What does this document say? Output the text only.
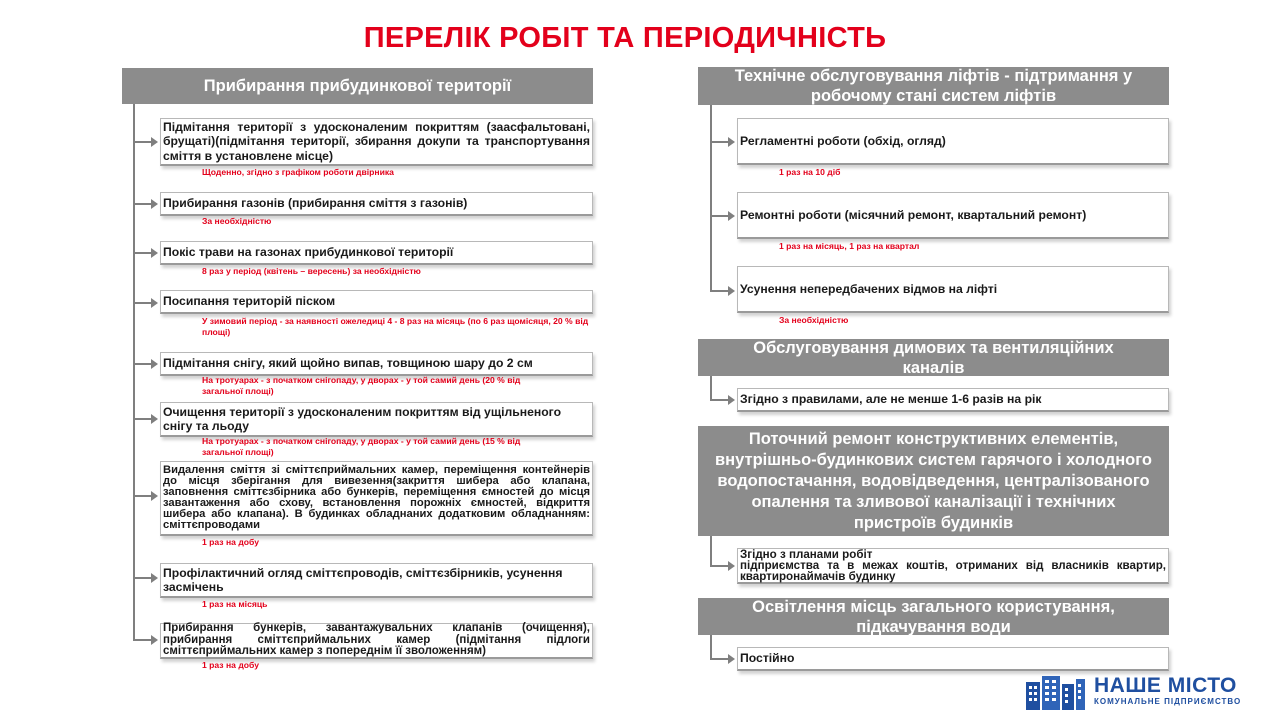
ПЕРЕЛІК РОБІТ ТА ПЕРІОДИЧНІСТЬ
Прибирання прибудинкової території
Підмітання території з удосконаленим покриттям (заасфальтовані, брущаті)(підмітання території, збирання докупи та транспортування сміття в установлене місце)
Щоденно, згідно з графіком роботи двірника
Прибирання газонів (прибирання сміття з газонів)
За необхідністю
Покіс трави на газонах прибудинкової території
8 раз у період (квітень – вересень) за необхідністю
Посипання територій піском
У зимовий період - за наявності ожеледиці 4 - 8 раз на місяць (по 6 раз щомісяця, 20 % від площі)
Підмітання снігу, який щойно випав, товщиною шару до 2 см
На тротуарах - з початком снігопаду, у дворах - у той самий день (20 % від загальної площі)
Очищення території з удосконаленим покриттям від ущільненого снігу та льоду
На тротуарах - з початком снігопаду, у дворах - у той самий день (15 % від загальної площі)
Видалення сміття зі сміттєприймальних камер, переміщення контейнерів до місця зберігання для вивезення(закриття шибера або клапана, заповнення сміттєзбірника або бункерів, переміщення ємностей до місця завантаження або схову, встановлення порожніх ємностей, відкриття шибера або клапана). В будинках обладнаних додатковим обладнанням: сміттєпроводами
1 раз на добу
Профілактичний огляд сміттєпроводів, сміттєзбірників, усунення засмічень
1 раз на місяць
Прибирання бункерів, завантажувальних клапанів (очищення), прибирання сміттєприймальних камер (підмітання підлоги сміттєприймальних камер з попереднім її зволоженням)
1 раз на добу
Технічне обслуговування ліфтів - підтримання у робочому стані систем ліфтів
Регламентні роботи (обхід, огляд)
1 раз на 10 діб
Ремонтні роботи (місячний ремонт, квартальний ремонт)
1 раз на місяць, 1 раз на квартал
Усунення непередбачених відмов на ліфті
За необхідністю
Обслуговування димових та вентиляційних каналів
Згідно з правилами, але не менше 1-6 разів на рік
Поточний ремонт конструктивних елементів, внутрішньо-будинкових систем гарячого і холодного водопостачання, водовідведення, централізованого опалення та зливової каналізації і технічних пристроїв будинків
Згідно з планами робіт
підприємства та в межах коштів, отриманих від власників квартир, квартиронаймачів будинку
Освітлення місць загального користування, підкачування води
Постійно
НАШЕ МІСТО
КОМУНАЛЬНЕ ПІДПРИЄМСТВО
